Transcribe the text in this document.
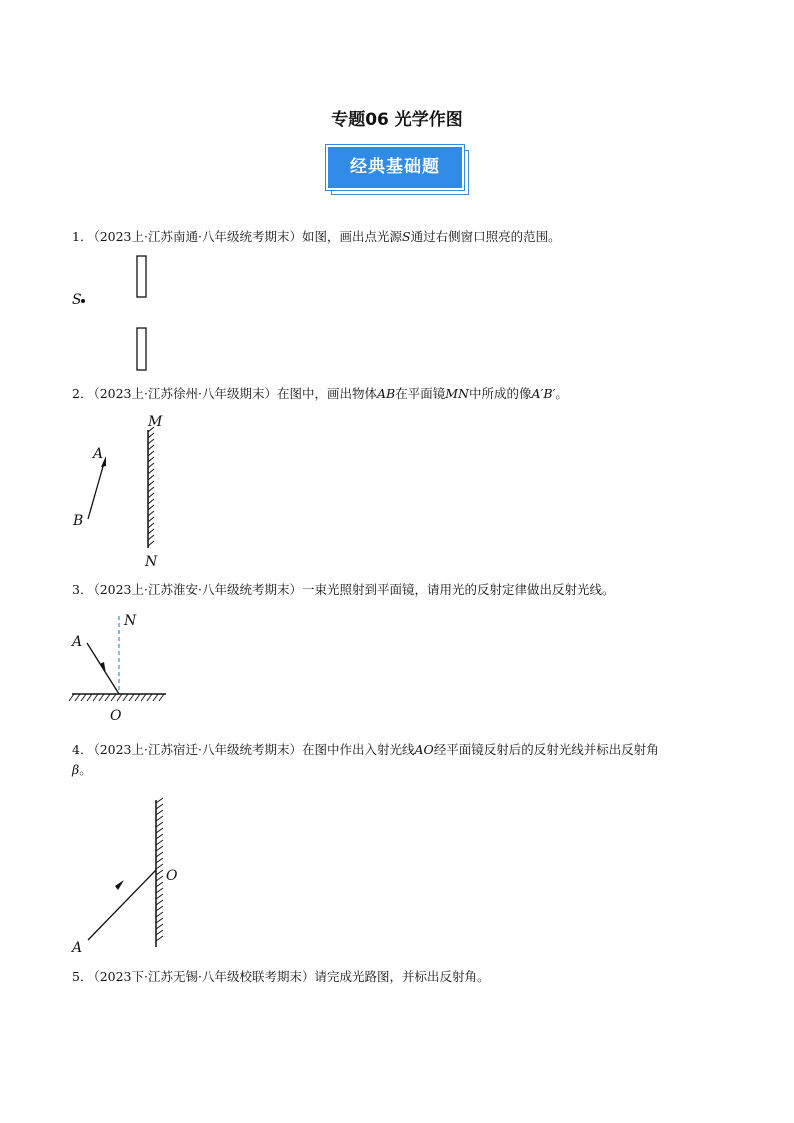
专题06 光学作图
经典基础题
1．（2023上·江苏南通·八年级统考期末）如图，画出点光源S通过右侧窗口照亮的范围。
S
2．（2023上·江苏徐州·八年级期末）在图中，画出物体AB在平面镜MN中所成的像A′B′。
M
N
A
B
3．（2023上·江苏淮安·八年级统考期末）一束光照射到平面镜，请用光的反射定律做出反射光线。
A
N
O
4．（2023上·江苏宿迁·八年级统考期末）在图中作出入射光线AO经平面镜反射后的反射光线并标出反射角
β。
O
A
5．（2023下·江苏无锡·八年级校联考期末）请完成光路图，并标出反射角。
